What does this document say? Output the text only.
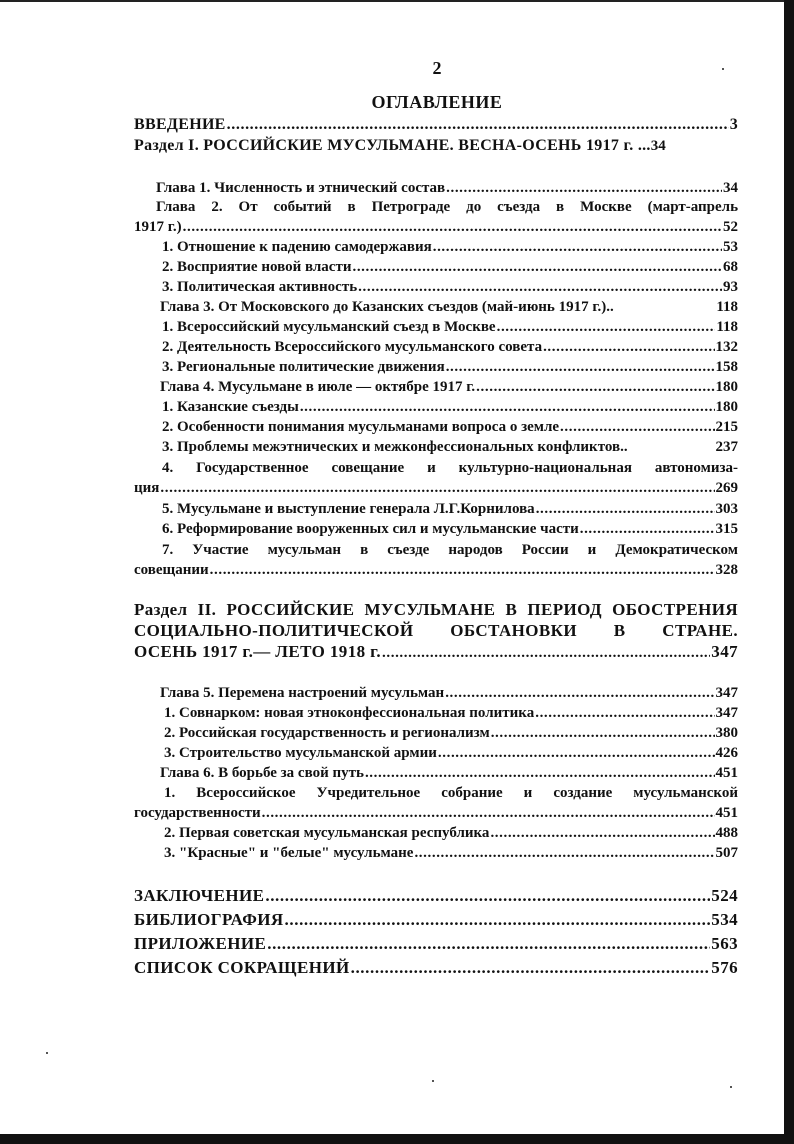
2
ОГЛАВЛЕНИЕ
ВВЕДЕНИЕ .....	3
Раздел I. РОССИЙСКИЕ МУСУЛЬМАНЕ. ВЕСНА-ОСЕНЬ 1917 г. ... 34
Глава 1. Численность и этнический состав .....	34
Глава 2. От событий в Петрограде до съезда в Москве (март-апрель
1917 г.) .....	52
1. Отношение к падению самодержавия .....	53
2. Восприятие новой власти .....	68
3. Политическая активность .....	93
Глава 3. От Московского до Казанских съездов (май-июнь 1917 г.)..	118
1. Всероссийский мусульманский съезд в Москве .....	118
2. Деятельность Всероссийского мусульманского совета .....	132
3. Региональные политические движения .....	158
Глава 4. Мусульмане в июле — октябре 1917 г. .....	180
1. Казанские съезды .....	180
2. Особенности понимания мусульманами вопроса о земле .....	215
3. Проблемы межэтнических и межконфессиональных конфликтов..	237
4. Государственное совещание и культурно-национальная автономиза-
ция .....	269
5. Мусульмане и выступление генерала Л.Г.Корнилова .....	303
6. Реформирование вооруженных сил и мусульманские части .....	315
7. Участие мусульман в съезде народов России и Демократическом
совещании .....	328
Раздел II. РОССИЙСКИЕ МУСУЛЬМАНЕ В ПЕРИОД ОБОСТРЕНИЯ
СОЦИАЛЬНО-ПОЛИТИЧЕСКОЙ ОБСТАНОВКИ В СТРАНЕ.
ОСЕНЬ 1917 г.— ЛЕТО 1918 г. .....	347
Глава 5. Перемена настроений мусульман .....	347
1. Совнарком: новая этноконфессиональная политика .....	347
2. Российская государственность и регионализм .....	380
3. Строительство мусульманской армии .....	426
Глава 6. В борьбе за свой путь .....	451
1. Всероссийское Учредительное собрание и создание мусульманской
государственности .....	451
2. Первая советская мусульманская республика .....	488
3. "Красные" и "белые" мусульмане .....	507
ЗАКЛЮЧЕНИЕ .....	524
БИБЛИОГРАФИЯ .....	534
ПРИЛОЖЕНИЕ .....	563
СПИСОК СОКРАЩЕНИЙ .....	576
